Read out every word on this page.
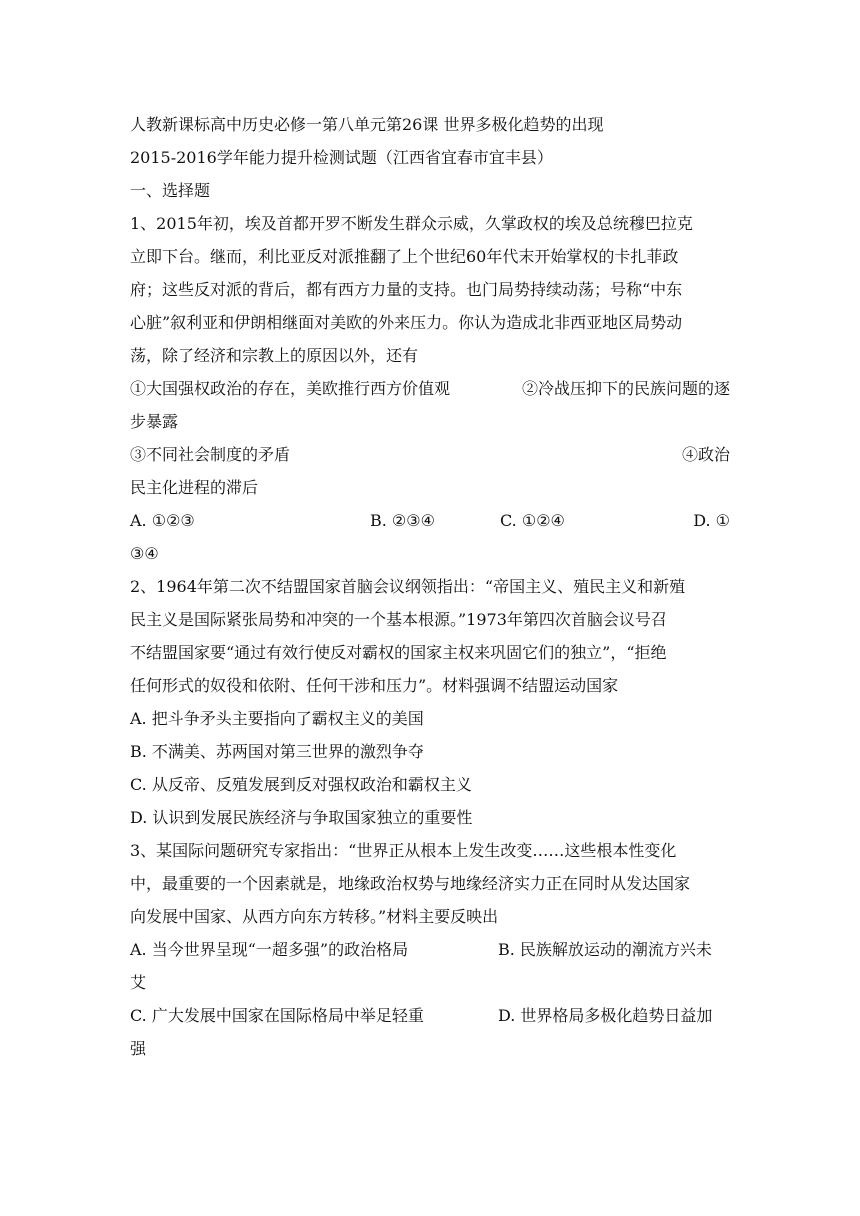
人教新课标高中历史必修一第八单元第26课 世界多极化趋势的出现
2015-2016学年能力提升检测试题（江西省宜春市宜丰县）
一、选择题
1、2015年初，埃及首都开罗不断发生群众示威，久掌政权的埃及总统穆巴拉克
立即下台。继而，利比亚反对派推翻了上个世纪60年代末开始掌权的卡扎菲政
府；这些反对派的背后，都有西方力量的支持。也门局势持续动荡；号称“中东
心脏”叙利亚和伊朗相继面对美欧的外来压力。你认为造成北非西亚地区局势动
荡，除了经济和宗教上的原因以外，还有
①大国强权政治的存在，美欧推行西方价值观	②冷战压抑下的民族问题的逐
步暴露
③不同社会制度的矛盾	④政治
民主化进程的滞后
A. ①②③	B. ②③④	C. ①②④	D. ①
③④
2、1964年第二次不结盟国家首脑会议纲领指出：“帝国主义、殖民主义和新殖
民主义是国际紧张局势和冲突的一个基本根源。”1973年第四次首脑会议号召
不结盟国家要“通过有效行使反对霸权的国家主权来巩固它们的独立”，“拒绝
任何形式的奴役和依附、任何干涉和压力”。材料强调不结盟运动国家
A. 把斗争矛头主要指向了霸权主义的美国
B. 不满美、苏两国对第三世界的激烈争夺
C. 从反帝、反殖发展到反对强权政治和霸权主义
D. 认识到发展民族经济与争取国家独立的重要性
3、某国际问题研究专家指出：“世界正从根本上发生改变……这些根本性变化
中，最重要的一个因素就是，地缘政治权势与地缘经济实力正在同时从发达国家
向发展中国家、从西方向东方转移。”材料主要反映出
A. 当今世界呈现“一超多强”的政治格局	B. 民族解放运动的潮流方兴未
艾
C. 广大发展中国家在国际格局中举足轻重	D. 世界格局多极化趋势日益加
强
